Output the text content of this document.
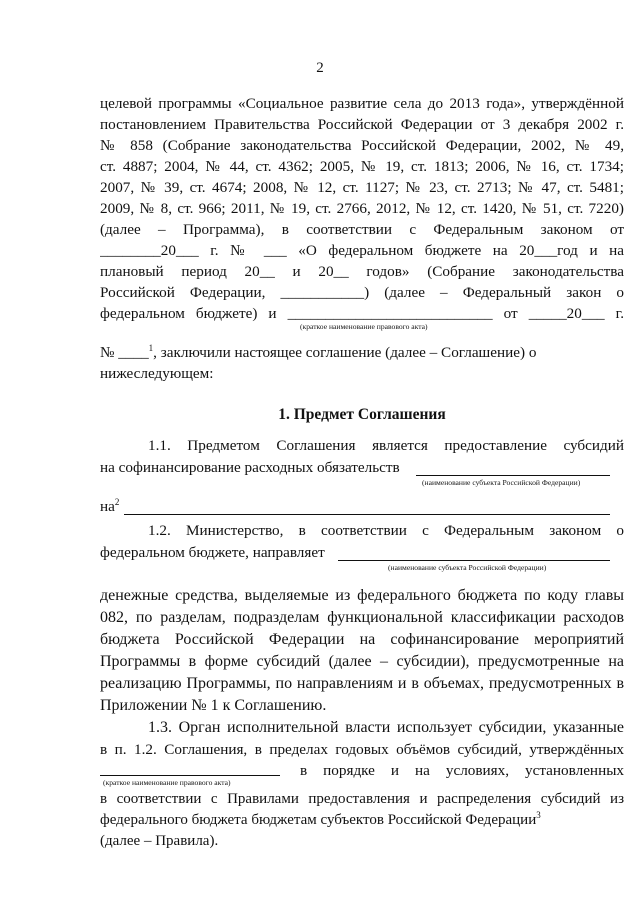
2
целевой программы «Социальное развитие села до 2013 года», утверждённой
постановлением Правительства Российской Федерации от 3 декабря 2002 г.
№ 858 (Собрание законодательства Российской Федерации, 2002, № 49,
ст. 4887; 2004, № 44, ст. 4362; 2005, № 19, ст. 1813; 2006, № 16, ст. 1734;
2007, № 39, ст. 4674; 2008, № 12, ст. 1127; № 23, ст. 2713; № 47, ст. 5481;
2009, № 8, ст. 966; 2011, № 19, ст. 2766, 2012, № 12, ст. 1420, № 51, ст. 7220)
(далее – Программа), в соответствии с Федеральным законом от
________20___ г. № ___ «О федеральном бюджете на 20___год и на
плановый период 20__ и 20__ годов» (Собрание законодательства
Российской Федерации, ___________) (далее – Федеральный закон о
федеральном бюджете) и ___________________________ от _____20___ г.
(краткое наименование правового акта)
№ ____$^1$, заключили настоящее соглашение (далее – Соглашение) о
нижеследующем:
1. Предмет Соглашения
1.1. Предметом Соглашения является предоставление субсидий
на софинансирование расходных обязательств
(наименование субъекта Российской Федерации)
$на^2$
1.2. Министерство, в соответствии с Федеральным законом о
федеральном бюджете, направляет
(наименование субъекта Российской Федерации)
денежные средства, выделяемые из федерального бюджета по коду главы
082, по разделам, подразделам функциональной классификации расходов
бюджета Российской Федерации на софинансирование мероприятий
Программы в форме субсидий (далее – субсидии), предусмотренные на
реализацию Программы, по направлениям и в объемах, предусмотренных в
Приложении № 1 к Соглашению.
1.3. Орган исполнительной власти использует субсидии, указанные
в п. 1.2. Соглашения, в пределах годовых объёмов субсидий, утверждённых
(краткое наименование правового акта)
в порядке и на условиях, установленных
в соответствии с Правилами предоставления и распределения субсидий из
федерального бюджета бюджетам субъектов Российской Федерации$^3$
(далее – Правила).
